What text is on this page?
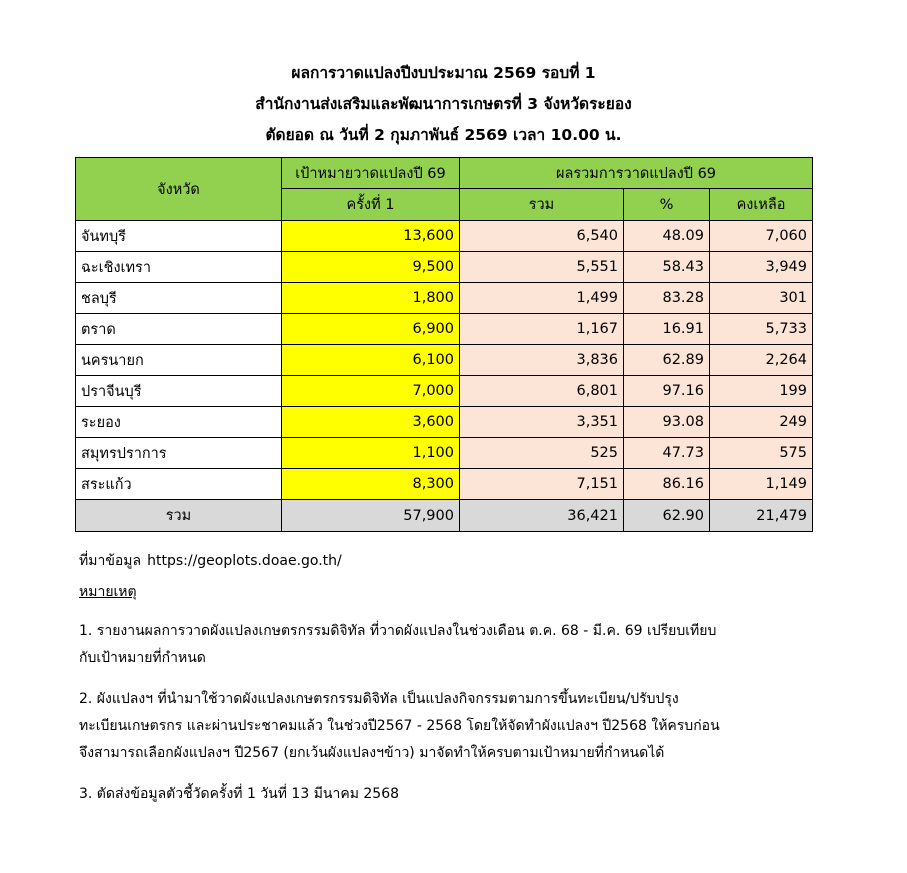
ผลการวาดแปลงปีงบประมาณ 2569 รอบที่ 1
สำนักงานส่งเสริมและพัฒนาการเกษตรที่ 3 จังหวัดระยอง
ตัดยอด ณ วันที่ 2 กุมภาพันธ์ 2569 เวลา 10.00 น.
จังหวัด	เป้าหมายวาดแปลงปี 69	ผลรวมการวาดแปลงปี 69		
	ครั้งที่ 1	รวม	%	คงเหลือ
จันทบุรี	13,600	6,540	48.09	7,060
ฉะเชิงเทรา	9,500	5,551	58.43	3,949
ชลบุรี	1,800	1,499	83.28	301
ตราด	6,900	1,167	16.91	5,733
นครนายก	6,100	3,836	62.89	2,264
ปราจีนบุรี	7,000	6,801	97.16	199
ระยอง	3,600	3,351	93.08	249
สมุทรปราการ	1,100	525	47.73	575
สระแก้ว	8,300	7,151	86.16	1,149
รวม	57,900	36,421	62.90	21,479
ที่มาข้อมูล https://geoplots.doae.go.th/
หมายเหตุ
1. รายงานผลการวาดผังแปลงเกษตรกรรมดิจิทัล ที่วาดผังแปลงในช่วงเดือน ต.ค. 68 - มี.ค. 69 เปรียบเทียบ
กับเป้าหมายที่กำหนด
2. ผังแปลงฯ ที่นำมาใช้วาดผังแปลงเกษตรกรรมดิจิทัล เป็นแปลงกิจกรรมตามการขึ้นทะเบียน/ปรับปรุง
ทะเบียนเกษตรกร และผ่านประชาคมแล้ว ในช่วงปี2567 - 2568 โดยให้จัดทำผังแปลงฯ ปี2568 ให้ครบก่อน
จึงสามารถเลือกผังแปลงฯ ปี2567 (ยกเว้นผังแปลงฯข้าว) มาจัดทำให้ครบตามเป้าหมายที่กำหนดได้
3. ตัดส่งข้อมูลตัวชี้วัดครั้งที่ 1 วันที่ 13 มีนาคม 2568
